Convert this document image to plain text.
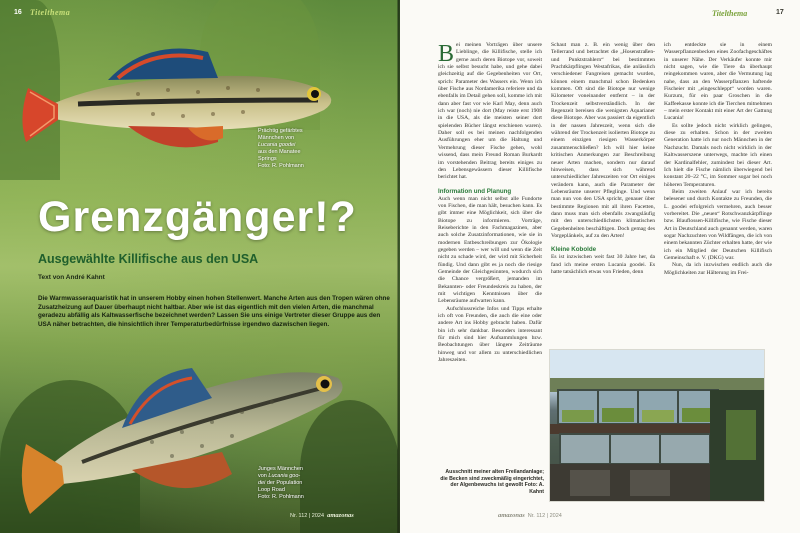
16 Titelthema
Prächtig gefärbtes
Männchen von
Lucania goodei
aus den Manatee
Springs
Foto: R. Pohlmann
Grenzgänger!?
Ausgewählte Killifische aus den USA
Text von André Kahnt
Die Warmwasseraquaristik hat in unserem Hobby einen hohen Stellenwert. Manche Arten aus den Tropen wären ohne Zusatzheizung auf Dauer überhaupt nicht haltbar. Aber wie ist das eigentlich mit den vielen Arten, die manchmal geradezu abfällig als Kaltwasserfische bezeichnet werden? Lassen Sie uns einige Vertreter dieser Gruppe aus den USA näher betrachten, die hinsichtlich ihrer Temperaturbedürfnisse irgendwo dazwischen liegen.
Junges Männchen
von Lucania goo-
dei der Population
Loop Road
Foto: R. Pohlmann
Nr. 112 | 2024 amazonas
Titelthema	17

Bei meinen Vorträgen über unsere Lieblinge, die Killifische, stelle ich gerne auch deren Biotope vor, soweit ich sie selbst besucht habe, und gehe dabei gleichzeitig auf die Gegebenheiten vor Ort, sprich: Parameter des Wassers ein. Wenn ich über Fische aus Nordamerika referiere und da ebenfalls im Detail gehen soll, komme ich mit dann aber fast vor wie Karl May, denn auch ich war (noch) nie dort (May reiste erst 1908 in die USA, als die meisten seiner dort spielenden Bücher längst erschienen waren). Daher soll es bei meinen nachfolgenden Ausführungen eher um die Haltung und Vermehrung dieser Fische gehen, wohl wissend, dass mein Freund Roman Burkardt im vorstehenden Beitrag bereits einiges zu den Lebensgewässern dieser Killifische berichtet hat.

Information und Planung

Auch wenn man nicht selbst alle Fundorte von Fischen, die man hält, besuchen kann. Es gibt immer eine Möglichkeit, sich über die Biotope zu informieren. Vorträge, Reiseberichte in den Fachmagazinen, aber auch solche Zusatzinformationen, wie sie in modernen Entbeschreibungen zur Ökologie gegeben werden – wer will und wenn die Zeit nicht zu schade wird, der wird mit Sicherheit fündig. Und dann gibt es ja noch die riesige Gemeinde der Gleichgesinnten, wodurch sich die Chance vergrößert, jemanden im Bekannten- oder Freundeskreis zu haben, der mit wichtigen Kenntnissen über die Lebensräume aufwarten kann.

Aufschlussreiche Infos und Tipps erhalte ich oft von Freunden, die auch die eine oder andere Art ins Hobby gebracht haben. Dafür bin ich sehr dankbar. Besonders interessant für mich sind hier Aufsammlungen bzw. Beobachtungen über längere Zeiträume hinweg und vor allem zu unterschiedlichen Jahreszeiten.

Schaut man z. B. ein wenig über den Tellerrand und betrachtet die „Hosenstraßen- und Punktstrahlern“ bei bestimmten Prachtkärpflingen Westafrikas, die anlässlich verschiedener Fangreisen gemacht wurden, können einem manchmal schon Bedenken kommen. Oft sind die Biotope nur wenige Kilometer voneinander entfernt – in der Trockenzeit selbstverständlich. In der Regenzeit bereisen die wenigsten Aquarianer diese Biotope. Aber was passiert da eigentlich in der nassen Jahreszeit, wenn sich die während der Trockenzeit isolierten Biotope zu einem einzigen riesigen Wasserkörper zusammenschließen? Ich will hier keine kritischen Anmerkungen zur Beschreibung neuer Arten machen, sondern nur darauf hinweisen, dass sich während unterschiedlicher Jahreszeiten vor Ort einiges verändern kann, auch die Parameter der Lebensräume unserer Pfleglinge. Und wenn man nun von den USA spricht, genauer über bestimmte Regionen mit all ihren Facetten, dann muss man sich ebenfalls zwangsläufig mit den unterschiedlichsten klimatischen Gegebenheiten beschäftigen. Doch gemag des Vorgeplänkels, auf zu den Arten!

Kleine Kobolde

Es ist inzwischen weit fast 30 Jahre her, da fand ich meine ersten Lucania goodei. Es hatte tatsächlich etwas von Frieden, denn

ich entdeckte sie in einem Wasserpflanzenbecken eines Zoofachgeschäftes in unserer Nähe. Der Verkäufer konnte mir nicht sagen, wie die Tiere da überhaupt reingekommen waren, aber die Vermutung lag nahe, dass an den Wasserpflanzen haftende Fischeier mit „eingeschleppt“ worden waren. Kurzum, für ein paar Groschen in die Kaffeekasse konnte ich die Tierchen mitnehmen – mein erster Kontakt mit einer Art der Gattung Lucania!

Es sollte jedoch nicht wirklich gelingen, diese zu erhalten. Schon in der zweiten Generation hatte ich nur noch Männchen in der Nachzucht. Damals noch nicht wirklich in der Kaltwasserszene unterwegs, machte ich einen der Kardinalfehler, zumindest bei dieser Art. Ich hielt die Fische nämlich überwiegend bei konstant 20–22 °C, im Sommer sogar bei noch höheren Temperaturen.

Beim zweiten Anlauf war ich bereits belesener und durch Kontakte zu Freunden, die L. goodei erfolgreich vermehren, auch besser vorbereitet. Die „neuen“ Rotschwanzkärpflinge bzw. Blauflossen-Killifische, wie Fische dieser Art in Deutschland auch genannt werden, waren sogar Nachzuchten von Wildfängen, die ich von einem bekannten Züchter erhalten hatte, der wie ich ein Mitglied der Deutschen Killifisch Gemeinschaft e. V. (DKG) war.

Nun, da ich inzwischen endlich auch die Möglichkeiten zur Hälterung im Frei-

Ausschnitt meiner alten Freilandanlage; die Becken sind zweckmäßig eingerichtet, der Algenbewuchs ist gewollt Foto: A. Kahnt
amazonas Nr. 112 | 2024
